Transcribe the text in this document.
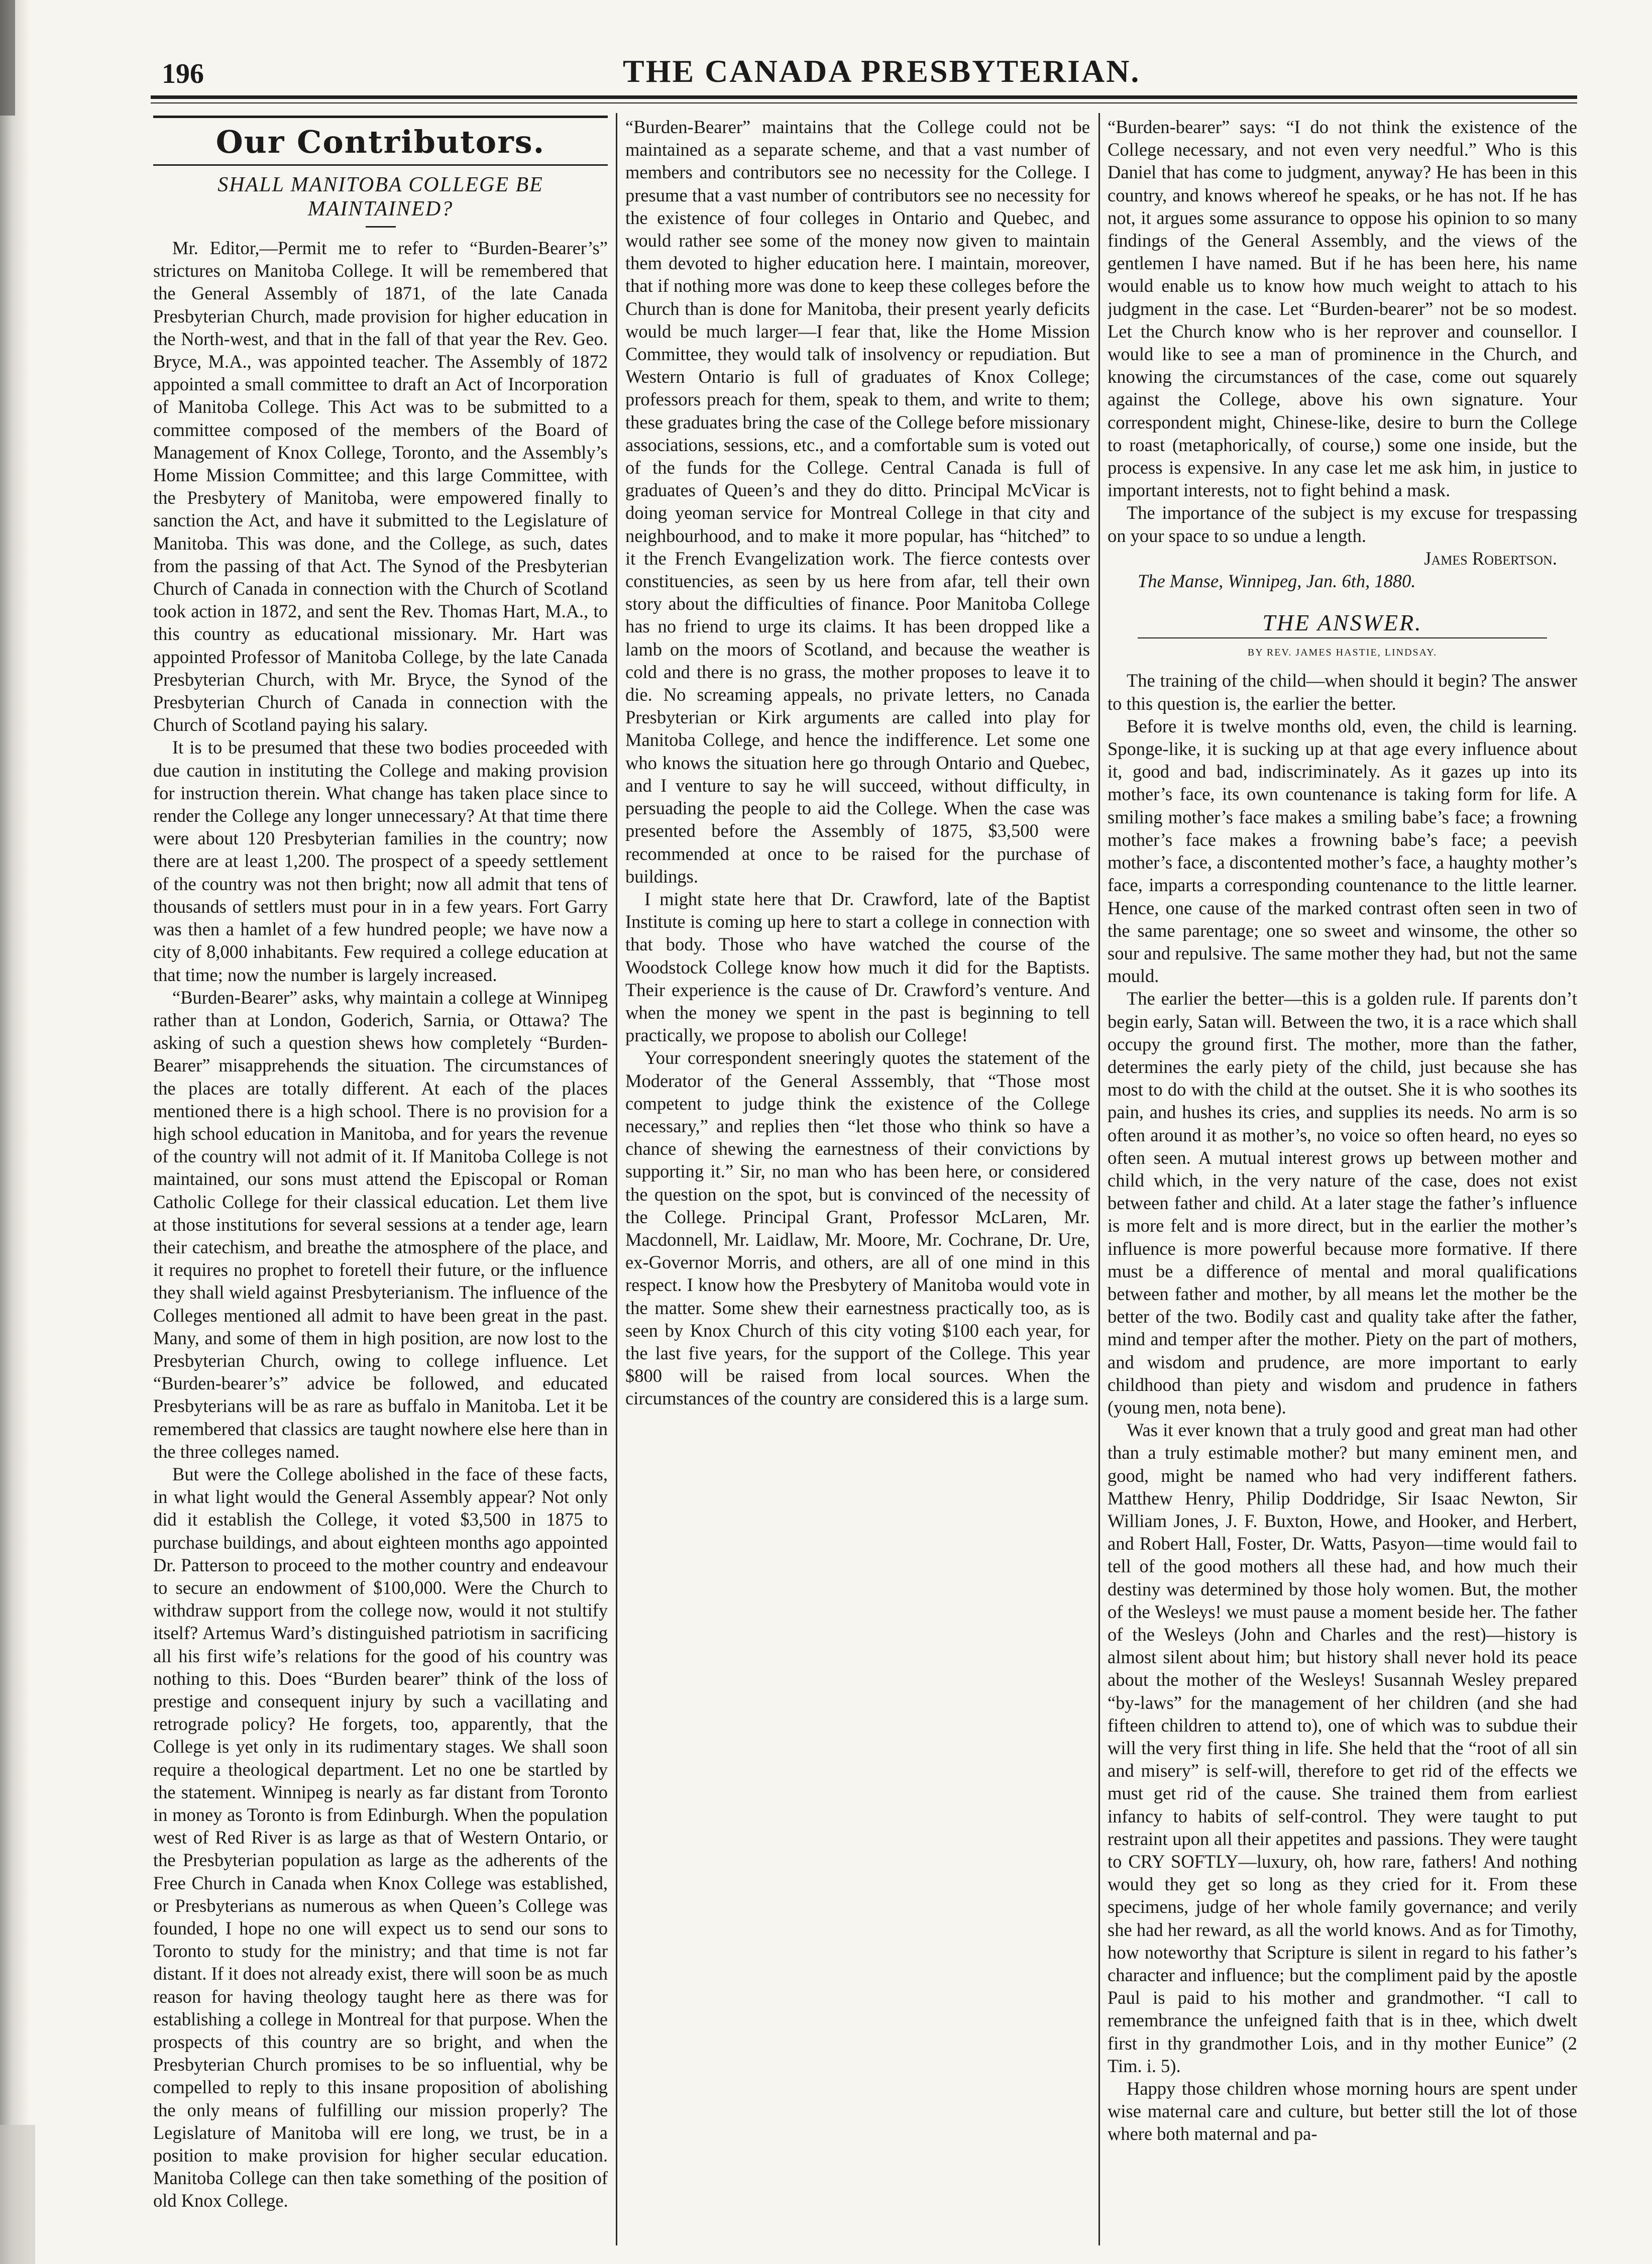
196	THE CANADA PRESBYTERIAN.
Our Contributors.
SHALL MANITOBA COLLEGE BE MAINTAINED?

Mr. Editor,—Permit me to refer to “Burden-Bearer’s” strictures on Manitoba College. It will be remembered that the General Assembly of 1871, of the late Canada Presbyterian Church, made provision for higher education in the North-west, and that in the fall of that year the Rev. Geo. Bryce, M.A., was appointed teacher. The Assembly of 1872 appointed a small committee to draft an Act of Incorporation of Manitoba College. This Act was to be submitted to a committee composed of the members of the Board of Management of Knox College, Toronto, and the Assembly’s Home Mission Committee; and this large Committee, with the Presbytery of Manitoba, were empowered finally to sanction the Act, and have it submitted to the Legislature of Manitoba. This was done, and the College, as such, dates from the passing of that Act. The Synod of the Presbyterian Church of Canada in connection with the Church of Scotland took action in 1872, and sent the Rev. Thomas Hart, M.A., to this country as educational missionary. Mr. Hart was appointed Professor of Manitoba College, by the late Canada Presbyterian Church, with Mr. Bryce, the Synod of the Presbyterian Church of Canada in connection with the Church of Scotland paying his salary.

It is to be presumed that these two bodies proceeded with due caution in instituting the College and making provision for instruction therein. What change has taken place since to render the College any longer unnecessary? At that time there were about 120 Presbyterian families in the country; now there are at least 1,200. The prospect of a speedy settlement of the country was not then bright; now all admit that tens of thousands of settlers must pour in in a few years. Fort Garry was then a hamlet of a few hundred people; we have now a city of 8,000 inhabitants. Few required a college education at that time; now the number is largely increased.

“Burden-Bearer” asks, why maintain a college at Winnipeg rather than at London, Goderich, Sarnia, or Ottawa? The asking of such a question shews how completely “Burden-Bearer” misapprehends the situation. The circumstances of the places are totally different. At each of the places mentioned there is a high school. There is no provision for a high school education in Manitoba, and for years the revenue of the country will not admit of it. If Manitoba College is not maintained, our sons must attend the Episcopal or Roman Catholic College for their classical education. Let them live at those institutions for several sessions at a tender age, learn their catechism, and breathe the atmosphere of the place, and it requires no prophet to foretell their future, or the influence they shall wield against Presbyterianism. The influence of the Colleges mentioned all admit to have been great in the past. Many, and some of them in high position, are now lost to the Presbyterian Church, owing to college influence. Let “Burden-bearer’s” advice be followed, and educated Presbyterians will be as rare as buffalo in Manitoba. Let it be remembered that classics are taught nowhere else here than in the three colleges named.

But were the College abolished in the face of these facts, in what light would the General Assembly appear? Not only did it establish the College, it voted $3,500 in 1875 to purchase buildings, and about eighteen months ago appointed Dr. Patterson to proceed to the mother country and endeavour to secure an endowment of $100,000. Were the Church to withdraw support from the college now, would it not stultify itself? Artemus Ward’s distinguished patriotism in sacrificing all his first wife’s relations for the good of his country was nothing to this. Does “Burden bearer” think of the loss of prestige and consequent injury by such a vacillating and retrograde policy? He forgets, too, apparently, that the College is yet only in its rudimentary stages. We shall soon require a theological department. Let no one be startled by the statement. Winnipeg is nearly as far distant from Toronto in money as Toronto is from Edinburgh. When the population west of Red River is as large as that of Western Ontario, or the Presbyterian population as large as the adherents of the Free Church in Canada when Knox College was established, or Presbyterians as numerous as when Queen’s College was founded, I hope no one will expect us to send our sons to Toronto to study for the ministry; and that time is not far distant. If it does not already exist, there will soon be as much reason for having theology taught here as there was for establishing a college in Montreal for that purpose. When the prospects of this country are so bright, and when the Presbyterian Church promises to be so influential, why be compelled to reply to this insane proposition of abolishing the only means of fulfilling our mission properly? The Legislature of Manitoba will ere long, we trust, be in a position to make provision for higher secular education. Manitoba College can then take something of the position of old Knox College.

“Burden-Bearer” maintains that the College could not be maintained as a separate scheme, and that a vast number of members and contributors see no necessity for the College. I presume that a vast number of contributors see no necessity for the existence of four colleges in Ontario and Quebec, and would rather see some of the money now given to maintain them devoted to higher education here. I maintain, moreover, that if nothing more was done to keep these colleges before the Church than is done for Manitoba, their present yearly deficits would be much larger—I fear that, like the Home Mission Committee, they would talk of insolvency or repudiation. But Western Ontario is full of graduates of Knox College; professors preach for them, speak to them, and write to them; these graduates bring the case of the College before missionary associations, sessions, etc., and a comfortable sum is voted out of the funds for the College. Central Canada is full of graduates of Queen’s and they do ditto. Principal McVicar is doing yeoman service for Montreal College in that city and neighbourhood, and to make it more popular, has “hitched” to it the French Evangelization work. The fierce contests over constituencies, as seen by us here from afar, tell their own story about the difficulties of finance. Poor Manitoba College has no friend to urge its claims. It has been dropped like a lamb on the moors of Scotland, and because the weather is cold and there is no grass, the mother proposes to leave it to die. No screaming appeals, no private letters, no Canada Presbyterian or Kirk arguments are called into play for Manitoba College, and hence the indifference. Let some one who knows the situation here go through Ontario and Quebec, and I venture to say he will succeed, without difficulty, in persuading the people to aid the College. When the case was presented before the Assembly of 1875, $3,500 were recommended at once to be raised for the purchase of buildings.

I might state here that Dr. Crawford, late of the Baptist Institute is coming up here to start a college in connection with that body. Those who have watched the course of the Woodstock College know how much it did for the Baptists. Their experience is the cause of Dr. Crawford’s venture. And when the money we spent in the past is beginning to tell practically, we propose to abolish our College!

Your correspondent sneeringly quotes the statement of the Moderator of the General Asssembly, that “Those most competent to judge think the existence of the College necessary,” and replies then “let those who think so have a chance of shewing the earnestness of their convictions by supporting it.” Sir, no man who has been here, or considered the question on the spot, but is convinced of the necessity of the College. Principal Grant, Professor McLaren, Mr. Macdonnell, Mr. Laidlaw, Mr. Moore, Mr. Cochrane, Dr. Ure, ex-Governor Morris, and others, are all of one mind in this respect. I know how the Presbytery of Manitoba would vote in the matter. Some shew their earnestness practically too, as is seen by Knox Church of this city voting $100 each year, for the last five years, for the support of the College. This year $800 will be raised from local sources. When the circumstances of the country are considered this is a large sum.

“Burden-bearer” says: “I do not think the existence of the College necessary, and not even very needful.” Who is this Daniel that has come to judgment, anyway? He has been in this country, and knows whereof he speaks, or he has not. If he has not, it argues some assurance to oppose his opinion to so many findings of the General Assembly, and the views of the gentlemen I have named. But if he has been here, his name would enable us to know how much weight to attach to his judgment in the case. Let “Burden-bearer” not be so modest. Let the Church know who is her reprover and counsellor. I would like to see a man of prominence in the Church, and knowing the circumstances of the case, come out squarely against the College, above his own signature. Your correspondent might, Chinese-like, desire to burn the College to roast (metaphorically, of course,) some one inside, but the process is expensive. In any case let me ask him, in justice to important interests, not to fight behind a mask.

The importance of the subject is my excuse for trespassing on your space to so undue a length.

James Robertson.
The Manse, Winnipeg, Jan. 6th, 1880.
THE ANSWER.
BY REV. JAMES HASTIE, LINDSAY.

The training of the child—when should it begin? The answer to this question is, the earlier the better.

Before it is twelve months old, even, the child is learning. Sponge-like, it is sucking up at that age every influence about it, good and bad, indiscriminately. As it gazes up into its mother’s face, its own countenance is taking form for life. A smiling mother’s face makes a smiling babe’s face; a frowning mother’s face makes a frowning babe’s face; a peevish mother’s face, a discontented mother’s face, a haughty mother’s face, imparts a corresponding countenance to the little learner. Hence, one cause of the marked contrast often seen in two of the same parentage; one so sweet and winsome, the other so sour and repulsive. The same mother they had, but not the same mould.

The earlier the better—this is a golden rule. If parents don’t begin early, Satan will. Between the two, it is a race which shall occupy the ground first. The mother, more than the father, determines the early piety of the child, just because she has most to do with the child at the outset. She it is who soothes its pain, and hushes its cries, and supplies its needs. No arm is so often around it as mother’s, no voice so often heard, no eyes so often seen. A mutual interest grows up between mother and child which, in the very nature of the case, does not exist between father and child. At a later stage the father’s influence is more felt and is more direct, but in the earlier the mother’s influence is more powerful because more formative. If there must be a difference of mental and moral qualifications between father and mother, by all means let the mother be the better of the two. Bodily cast and quality take after the father, mind and temper after the mother. Piety on the part of mothers, and wisdom and prudence, are more important to early childhood than piety and wisdom and prudence in fathers (young men, nota bene).

Was it ever known that a truly good and great man had other than a truly estimable mother? but many eminent men, and good, might be named who had very indifferent fathers. Matthew Henry, Philip Doddridge, Sir Isaac Newton, Sir William Jones, J. F. Buxton, Howe, and Hooker, and Herbert, and Robert Hall, Foster, Dr. Watts, Pasyon—time would fail to tell of the good mothers all these had, and how much their destiny was determined by those holy women. But, the mother of the Wesleys! we must pause a moment beside her. The father of the Wesleys (John and Charles and the rest)—history is almost silent about him; but history shall never hold its peace about the mother of the Wesleys! Susannah Wesley prepared “by-laws” for the management of her children (and she had fifteen children to attend to), one of which was to subdue their will the very first thing in life. She held that the “root of all sin and misery” is self-will, therefore to get rid of the effects we must get rid of the cause. She trained them from earliest infancy to habits of self-control. They were taught to put restraint upon all their appetites and passions. They were taught to CRY SOFTLY—luxury, oh, how rare, fathers! And nothing would they get so long as they cried for it. From these specimens, judge of her whole family governance; and verily she had her reward, as all the world knows. And as for Timothy, how noteworthy that Scripture is silent in regard to his father’s character and influence; but the compliment paid by the apostle Paul is paid to his mother and grandmother. “I call to remembrance the unfeigned faith that is in thee, which dwelt first in thy grandmother Lois, and in thy mother Eunice” (2 Tim. i. 5).

Happy those children whose morning hours are spent under wise maternal care and culture, but better still the lot of those where both maternal and pa-
